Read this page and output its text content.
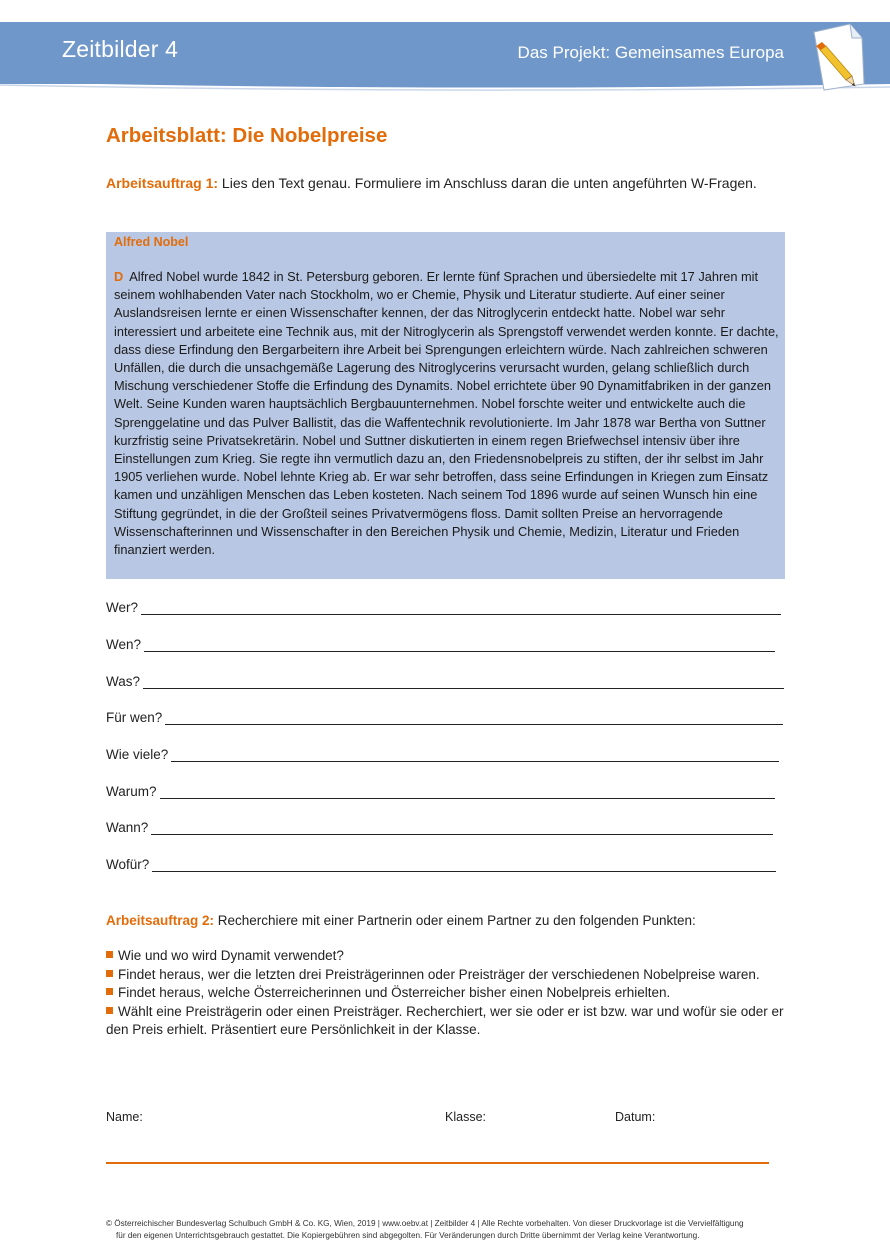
Zeitbilder 4	Das Projekt: Gemeinsames Europa
Arbeitsblatt: Die Nobelpreise
Arbeitsauftrag 1: Lies den Text genau. Formuliere im Anschluss daran die unten angeführten W-Fragen.
Alfred Nobel
D Alfred Nobel wurde 1842 in St. Petersburg geboren. Er lernte fünf Sprachen und übersiedelte mit 17 Jahren mit seinem wohlhabenden Vater nach Stockholm, wo er Chemie, Physik und Literatur studierte. Auf einer seiner Auslandsreisen lernte er einen Wissenschafter kennen, der das Nitroglycerin entdeckt hatte. Nobel war sehr interessiert und arbeitete eine Technik aus, mit der Nitroglycerin als Sprengstoff verwendet werden konnte. Er dachte, dass diese Erfindung den Bergarbeitern ihre Arbeit bei Sprengungen erleichtern würde. Nach zahlreichen schweren Unfällen, die durch die unsachgemäße Lagerung des Nitroglycerins verursacht wurden, gelang schließlich durch Mischung verschiedener Stoffe die Erfindung des Dynamits. Nobel errichtete über 90 Dynamitfabriken in der ganzen Welt. Seine Kunden waren hauptsächlich Bergbauunternehmen. Nobel forschte weiter und entwickelte auch die Sprenggelatine und das Pulver Ballistit, das die Waffentechnik revolutionierte. Im Jahr 1878 war Bertha von Suttner kurzfristig seine Privatsekretärin. Nobel und Suttner diskutierten in einem regen Briefwechsel intensiv über ihre Einstellungen zum Krieg. Sie regte ihn vermutlich dazu an, den Friedensnobelpreis zu stiften, der ihr selbst im Jahr 1905 verliehen wurde. Nobel lehnte Krieg ab. Er war sehr betroffen, dass seine Erfindungen in Kriegen zum Einsatz kamen und unzähligen Menschen das Leben kosteten. Nach seinem Tod 1896 wurde auf seinen Wunsch hin eine Stiftung gegründet, in die der Großteil seines Privatvermögens floss. Damit sollten Preise an hervorragende Wissenschafterinnen und Wissenschafter in den Bereichen Physik und Chemie, Medizin, Literatur und Frieden finanziert werden.
Wer?
Wen?
Was?
Für wen?
Wie viele?
Warum?
Wann?
Wofür?
Arbeitsauftrag 2: Recherchiere mit einer Partnerin oder einem Partner zu den folgenden Punkten:

Wie und wo wird Dynamit verwendet?

Findet heraus, wer die letzten drei Preisträgerinnen oder Preisträger der verschiedenen Nobelpreise waren.

Findet heraus, welche Österreicherinnen und Österreicher bisher einen Nobelpreis erhielten.

Wählt eine Preisträgerin oder einen Preisträger. Recherchiert, wer sie oder er ist bzw. war und wofür sie oder er den Preis erhielt. Präsentiert eure Persönlichkeit in der Klasse.

Name:	Klasse:	Datum:
© Österreichischer Bundesverlag Schulbuch GmbH & Co. KG, Wien, 2019 | www.oebv.at | Zeitbilder 4 | Alle Rechte vorbehalten. Von dieser Druckvorlage ist die Vervielfältigung
für den eigenen Unterrichtsgebrauch gestattet. Die Kopiergebühren sind abgegolten. Für Veränderungen durch Dritte übernimmt der Verlag keine Verantwortung.
